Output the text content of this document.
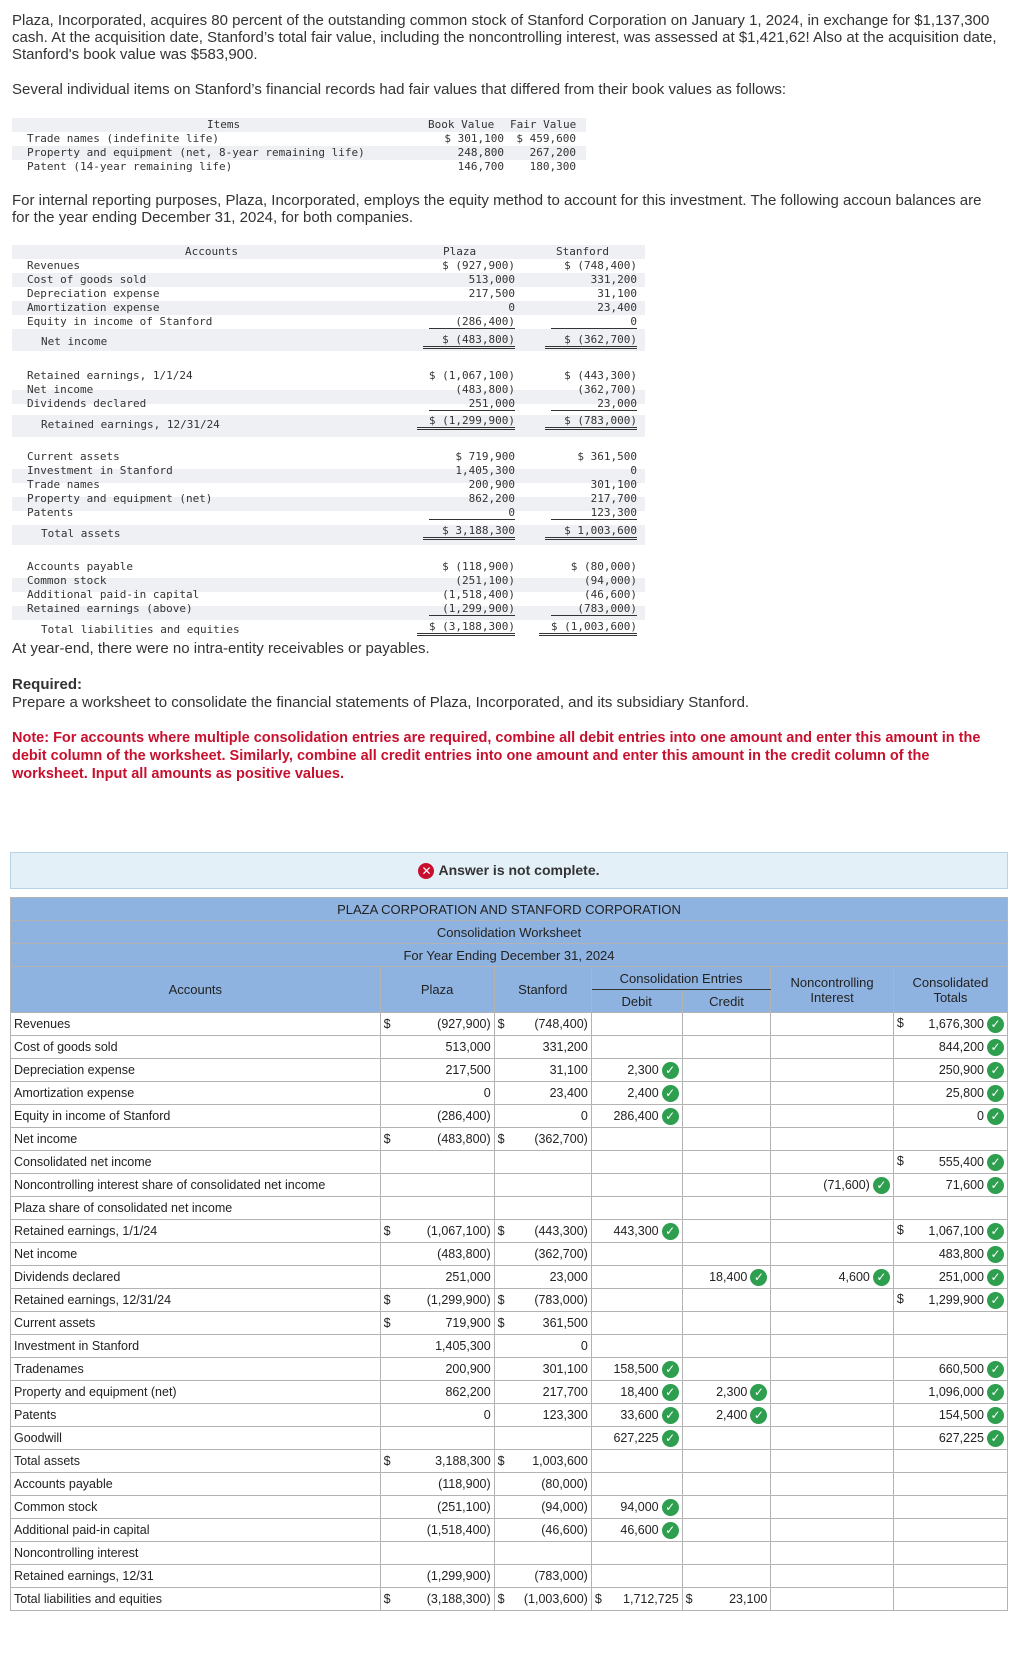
Plaza, Incorporated, acquires 80 percent of the outstanding common stock of Stanford Corporation on January 1, 2024, in exchange for $1,137,300 cash. At the acquisition date, Stanford’s total fair value, including the noncontrolling interest, was assessed at $1,421,62! Also at the acquisition date, Stanford's book value was $583,900.
Several individual items on Stanford’s financial records had fair values that differed from their book values as follows:
Items	Book Value Fair Value
Trade names (indefinite life)	$ 301,100 $ 459,600
Property and equipment (net, 8-year remaining life)	248,800 267,200
Patent (14-year remaining life)	146,700 180,300
For internal reporting purposes, Plaza, Incorporated, employs the equity method to account for this investment. The following accoun balances are for the year ending December 31, 2024, for both companies.
Accounts	Plaza	Stanford
Revenues	$ (927,900)	$ (748,400)
Cost of goods sold	513,000	331,200
Depreciation expense	217,500	31,100
Amortization expense	0	23,400
Equity in income of Stanford	(286,400)	0
Net income	$ (483,800)	$ (362,700)
Retained earnings, 1/1/24	$ (1,067,100)	$ (443,300)
Net income	(483,800)	(362,700)
Dividends declared	251,000	23,000
Retained earnings, 12/31/24	$ (1,299,900)	$ (783,000)
Current assets	$ 719,900	$ 361,500
Investment in Stanford	1,405,300	0
Trade names	200,900	301,100
Property and equipment (net)	862,200	217,700
Patents	0	123,300
Total assets	$ 3,188,300	$ 1,003,600
Accounts payable	$ (118,900)	$ (80,000)
Common stock	(251,100)	(94,000)
Additional paid-in capital	(1,518,400)	(46,600)
Retained earnings (above)	(1,299,900)	(783,000)
Total liabilities and equities	$ (3,188,300)	$ (1,003,600)
At year-end, there were no intra-entity receivables or payables.
Required:
Prepare a worksheet to consolidate the financial statements of Plaza, Incorporated, and its subsidiary Stanford.
Note: For accounts where multiple consolidation entries are required, combine all debit entries into one amount and enter this amount in the debit column of the worksheet. Similarly, combine all credit entries into one amount and enter this amount in the credit column of the worksheet. Input all amounts as positive values.
✕ Answer is not complete.
PLAZA CORPORATION AND STANFORD CORPORATION						
Consolidation Worksheet						
For Year Ending December 31, 2024						
Accounts	Plaza	Stanford	Consolidation Entries		Noncontrolling Interest	Consolidated Totals
			Debit	Credit		
Revenues	$ (927,900)	$ (748,400)				$ 1,676,300 ✓
Cost of goods sold	513,000	331,200				844,200 ✓
Depreciation expense	217,500	31,100	2,300 ✓			250,900 ✓
Amortization expense	0	23,400	2,400 ✓			25,800 ✓
Equity in income of Stanford	(286,400)	0	286,400 ✓			0 ✓
Net income	$ (483,800)	$ (362,700)				
Consolidated net income						$ 555,400 ✓
Noncontrolling interest share of consolidated net income					(71,600) ✓	71,600 ✓
Plaza share of consolidated net income						
Retained earnings, 1/1/24	$ (1,067,100)	$ (443,300)	443,300 ✓			$ 1,067,100 ✓
Net income	(483,800)	(362,700)				483,800 ✓
Dividends declared	251,000	23,000		18,400 ✓	4,600 ✓	251,000 ✓
Retained earnings, 12/31/24	$ (1,299,900)	$ (783,000)				$ 1,299,900 ✓
Current assets	$ 719,900	$ 361,500				
Investment in Stanford	1,405,300	0				
Tradenames	200,900	301,100	158,500 ✓			660,500 ✓
Property and equipment (net)	862,200	217,700	18,400 ✓	2,300 ✓		1,096,000 ✓
Patents	0	123,300	33,600 ✓	2,400 ✓		154,500 ✓
Goodwill			627,225 ✓			627,225 ✓
Total assets	$ 3,188,300	$ 1,003,600				
Accounts payable	(118,900)	(80,000)				
Common stock	(251,100)	(94,000)	94,000 ✓			
Additional paid-in capital	(1,518,400)	(46,600)	46,600 ✓			
Noncontrolling interest						
Retained earnings, 12/31	(1,299,900)	(783,000)				
Total liabilities and equities	$ (3,188,300)	$ (1,003,600)	$ 1,712,725	$ 23,100		
